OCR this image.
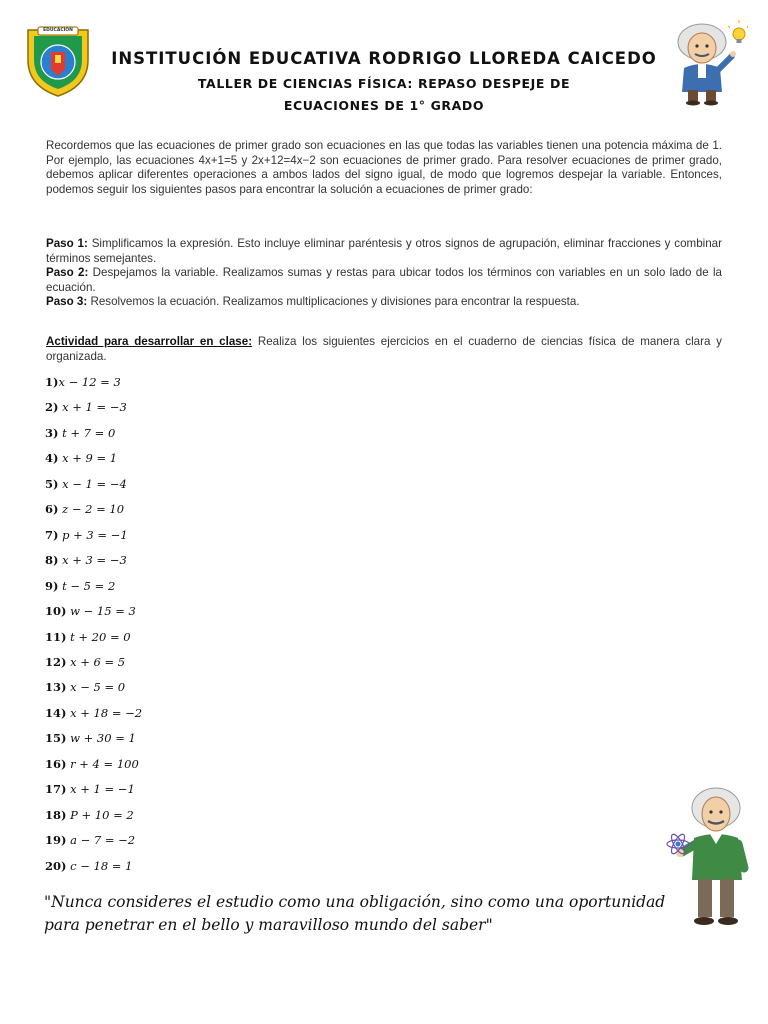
EDUCACIÓN
INSTITUCIÓN EDUCATIVA RODRIGO LLOREDA CAICEDO
TALLER DE CIENCIAS FÍSICA: REPASO DESPEJE DE
ECUACIONES DE 1° GRADO
Recordemos que las ecuaciones de primer grado son ecuaciones en las que todas las variables tienen una potencia máxima de 1. Por ejemplo, las ecuaciones 4x+1=5 y 2x+12=4x−2 son ecuaciones de primer grado. Para resolver ecuaciones de primer grado, debemos aplicar diferentes operaciones a ambos lados del signo igual, de modo que logremos despejar la variable. Entonces, podemos seguir los siguientes pasos para encontrar la solución a ecuaciones de primer grado:
Paso 1: Simplificamos la expresión. Esto incluye eliminar paréntesis y otros signos de agrupación, eliminar fracciones y combinar términos semejantes.
Paso 2: Despejamos la variable. Realizamos sumas y restas para ubicar todos los términos con variables en un solo lado de la ecuación.
Paso 3: Resolvemos la ecuación. Realizamos multiplicaciones y divisiones para encontrar la respuesta.
Actividad para desarrollar en clase: Realiza los siguientes ejercicios en el cuaderno de ciencias física de manera clara y organizada.
1)x − 12 = 3
2) x + 1 = −3
3) t + 7 = 0
4) x + 9 = 1
5) x − 1 = −4
6) z − 2 = 10
7) p + 3 = −1
8) x + 3 = −3
9) t − 5 = 2
10) w − 15 = 3
11) t + 20 = 0
12) x + 6 = 5
13) x − 5 = 0
14) x + 18 = −2
15) w + 30 = 1
16) r + 4 = 100
17) x + 1 = −1
18) P + 10 = 2
19) a − 7 = −2
20) c − 18 = 1
"Nunca consideres el estudio como una obligación, sino como una oportunidad para penetrar en el bello y maravilloso mundo del saber"
